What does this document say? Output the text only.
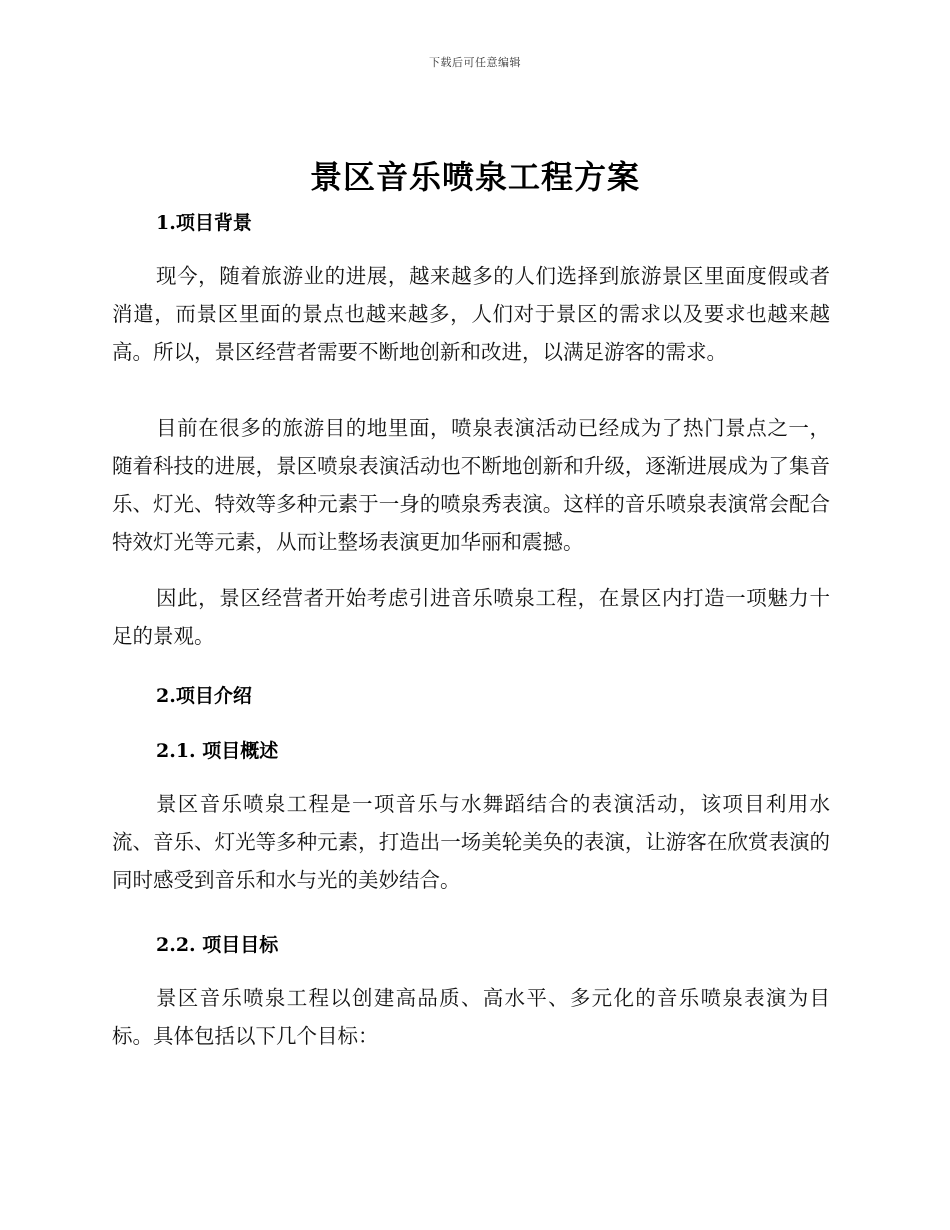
下载后可任意编辑
景区音乐喷泉工程方案
1.项目背景

现今，随着旅游业的进展，越来越多的人们选择到旅游景区里面度假或者消遣，而景区里面的景点也越来越多，人们对于景区的需求以及要求也越来越高。所以，景区经营者需要不断地创新和改进，以满足游客的需求。

目前在很多的旅游目的地里面，喷泉表演活动已经成为了热门景点之一，随着科技的进展，景区喷泉表演活动也不断地创新和升级，逐渐进展成为了集音乐、灯光、特效等多种元素于一身的喷泉秀表演。这样的音乐喷泉表演常会配合特效灯光等元素，从而让整场表演更加华丽和震撼。

因此，景区经营者开始考虑引进音乐喷泉工程，在景区内打造一项魅力十足的景观。

2.项目介绍
2.1. 项目概述

景区音乐喷泉工程是一项音乐与水舞蹈结合的表演活动，该项目利用水流、音乐、灯光等多种元素，打造出一场美轮美奂的表演，让游客在欣赏表演的同时感受到音乐和水与光的美妙结合。

2.2. 项目目标

景区音乐喷泉工程以创建高品质、高水平、多元化的音乐喷泉表演为目标。具体包括以下几个目标：
